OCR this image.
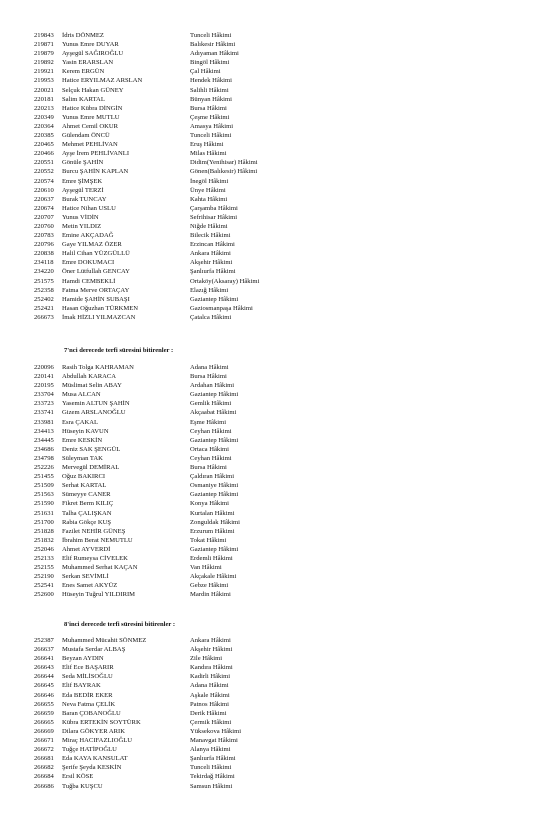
219843 İdris DÖNMEZ	Tunceli Hâkimi
219871 Yunus Emre DUYAR	Balıkesir Hâkimi
219879 Ayşegül SAĞIROĞLU	Adıyaman Hâkimi
219892 Yasin ERARSLAN	Bingöl Hâkimi
219921 Kerem ERGÜN	Çal Hâkimi
219953 Hatice ERYILMAZ ARSLAN	Hendek Hâkimi
220021 Selçuk Hakan GÜNEY	Salihli Hâkimi
220181 Salim KARTAL	Bünyan Hâkimi
220213 Hatice Kübra DİNGİN	Bursa Hâkimi
220349 Yunus Emre MUTLU	Çeşme Hâkimi
220364 Ahmet Cemil OKUR	Amasya Hâkimi
220385 Gülendam ÖNCÜ	Tunceli Hâkimi
220465 Mehmet PEHLİVAN	Eruş Hâkimi
220466 Ayşe İrem PEHLİVANLI	Milas Hâkimi
220551 Gönüle ŞAHİN	Didim(Yenihisar) Hâkimi
220552 Burcu ŞAHİN KAPLAN	Gönen(Balıkesir) Hâkimi
220574 Emre ŞİMŞEK	İnegöl Hâkimi
220610 Ayşegül TERZİ	Ünye Hâkimi
220637 Burak TUNCAY	Kahta Hâkimi
220674 Hatice Nihan USLU	Çarşamba Hâkimi
220707 Yunus VİDİN	Sefrihisar Hâkimi
220760 Metin YILDIZ	Niğde Hâkimi
220783 Emine AKÇADAĞ	Bilecik Hâkimi
220796 Gaye YILMAZ ÖZER	Erzincan Hâkimi
220838 Halil Cihan YÜZGÜLLÜ	Ankara Hâkimi
234118 Emre DOKUMACI	Akşehir Hâkimi
234220 Öner Lütfullah GENCAY	Şanlıurfa Hâkimi
251575 Hamdi CEMBEKLİ	Ortaköy(Aksaray) Hâkimi
252358 Fatma Merve ORTAÇAY	Elazığ Hâkimi
252402 Hamide ŞAHİN SUBAŞI	Gaziantep Hâkimi
252421 Hasan Oğuzhan TÜRKMEN	Gaziosmanpaşa Hâkimi
266673 İmak HİZLI YILMAZCAN	Çatalca Hâkimi
7'nci derecede terfi süresini bitirenler :
220096 Rasih Tolga KAHRAMAN	Adana Hâkimi
220141 Abdullah KARACA	Bursa Hâkimi
220195 Müslimat Selin ABAY	Ardahan Hâkimi
233704 Musa ALCAN	Gaziantep Hâkimi
233723 Yasemin ALTUN ŞAHİN	Gemlik Hâkimi
233741 Gizem ARSLANOĞLU	Akçaabat Hâkimi
233981 Esra ÇAKAL	Eşme Hâkimi
234413 Hüseyin KAVUN	Ceyhan Hâkimi
234445 Emre KESKİN	Gaziantep Hâkimi
234686 Deniz SAK ŞENGÜL	Ortaca Hâkimi
234798 Süleyman TAK	Ceyhan Hâkimi
252226 Mervegül DEMİRAL	Bursa Hâkimi
251455 Oğuz BAKIRCI	Çaldıran Hâkimi
251509 Serhat KARTAL	Osmaniye Hâkimi
251563 Sümeyye CANER	Gaziantep Hâkimi
251590 Fikret Berm KILIÇ	Konya Hâkimi
251631 Talha ÇALIŞKAN	Kurtalan Hâkimi
251700 Rabia Gökçe KUŞ	Zonguldak Hâkimi
251828 Fazilet NEHİR GÜNEŞ	Erzurum Hâkimi
251832 İbrahim Berat NEMUTLU	Tokat Hâkimi
252046 Ahmet AYVERDİ	Gaziantep Hâkimi
252133 Elif Rumeysa CİVELEK	Erdemli Hâkimi
252155 Muhammed Serhat KAÇAN	Van Hâkimi
252190 Serkan SEVİMLİ	Akçakale Hâkimi
252541 Enes Samet AKYÜZ	Gebze Hâkimi
252600 Hüseyin Tuğrul YILDIRIM	Mardin Hâkimi
8'inci derecede terfi süresini bitirenler :
252387 Muhammed Mücahit SÖNMEZ	Ankara Hâkimi
266637 Mustafa Serdar ALBAŞ	Akşehir Hâkimi
266641 Beyzan AYDIN	Zile Hâkimi
266643 Elif Ece BAŞARIR	Kandıra Hâkimi
266644 Seda MİLİSOĞLU	Kadirli Hâkimi
266645 Elif BAYRAK	Adana Hâkimi
266646 Eda BEDİR EKER	Aşkale Hâkimi
266655 Neva Fatma ÇELİK	Patnos Hâkimi
266659 Baran ÇOBANOĞLU	Derik Hâkimi
266665 Kübra ERTEKİN SOYTÜRK	Çermik Hâkimi
266669 Dilara GÖKYER ARIK	Yüksekova Hâkimi
266671 Miraç HACIFAZLIOĞLU	Manavgat Hâkimi
266672 Tuğçe HATİPOĞLU	Alanya Hâkimi
266681 Eda KAYA KANSULAT	Şanlıurfa Hâkimi
266682 Şerife Şeyda KESKİN	Tunceli Hâkimi
266684 Ersil KÖSE	Tekirdağ Hâkimi
266686 Tuğba KUŞCU	Samsun Hâkimi
